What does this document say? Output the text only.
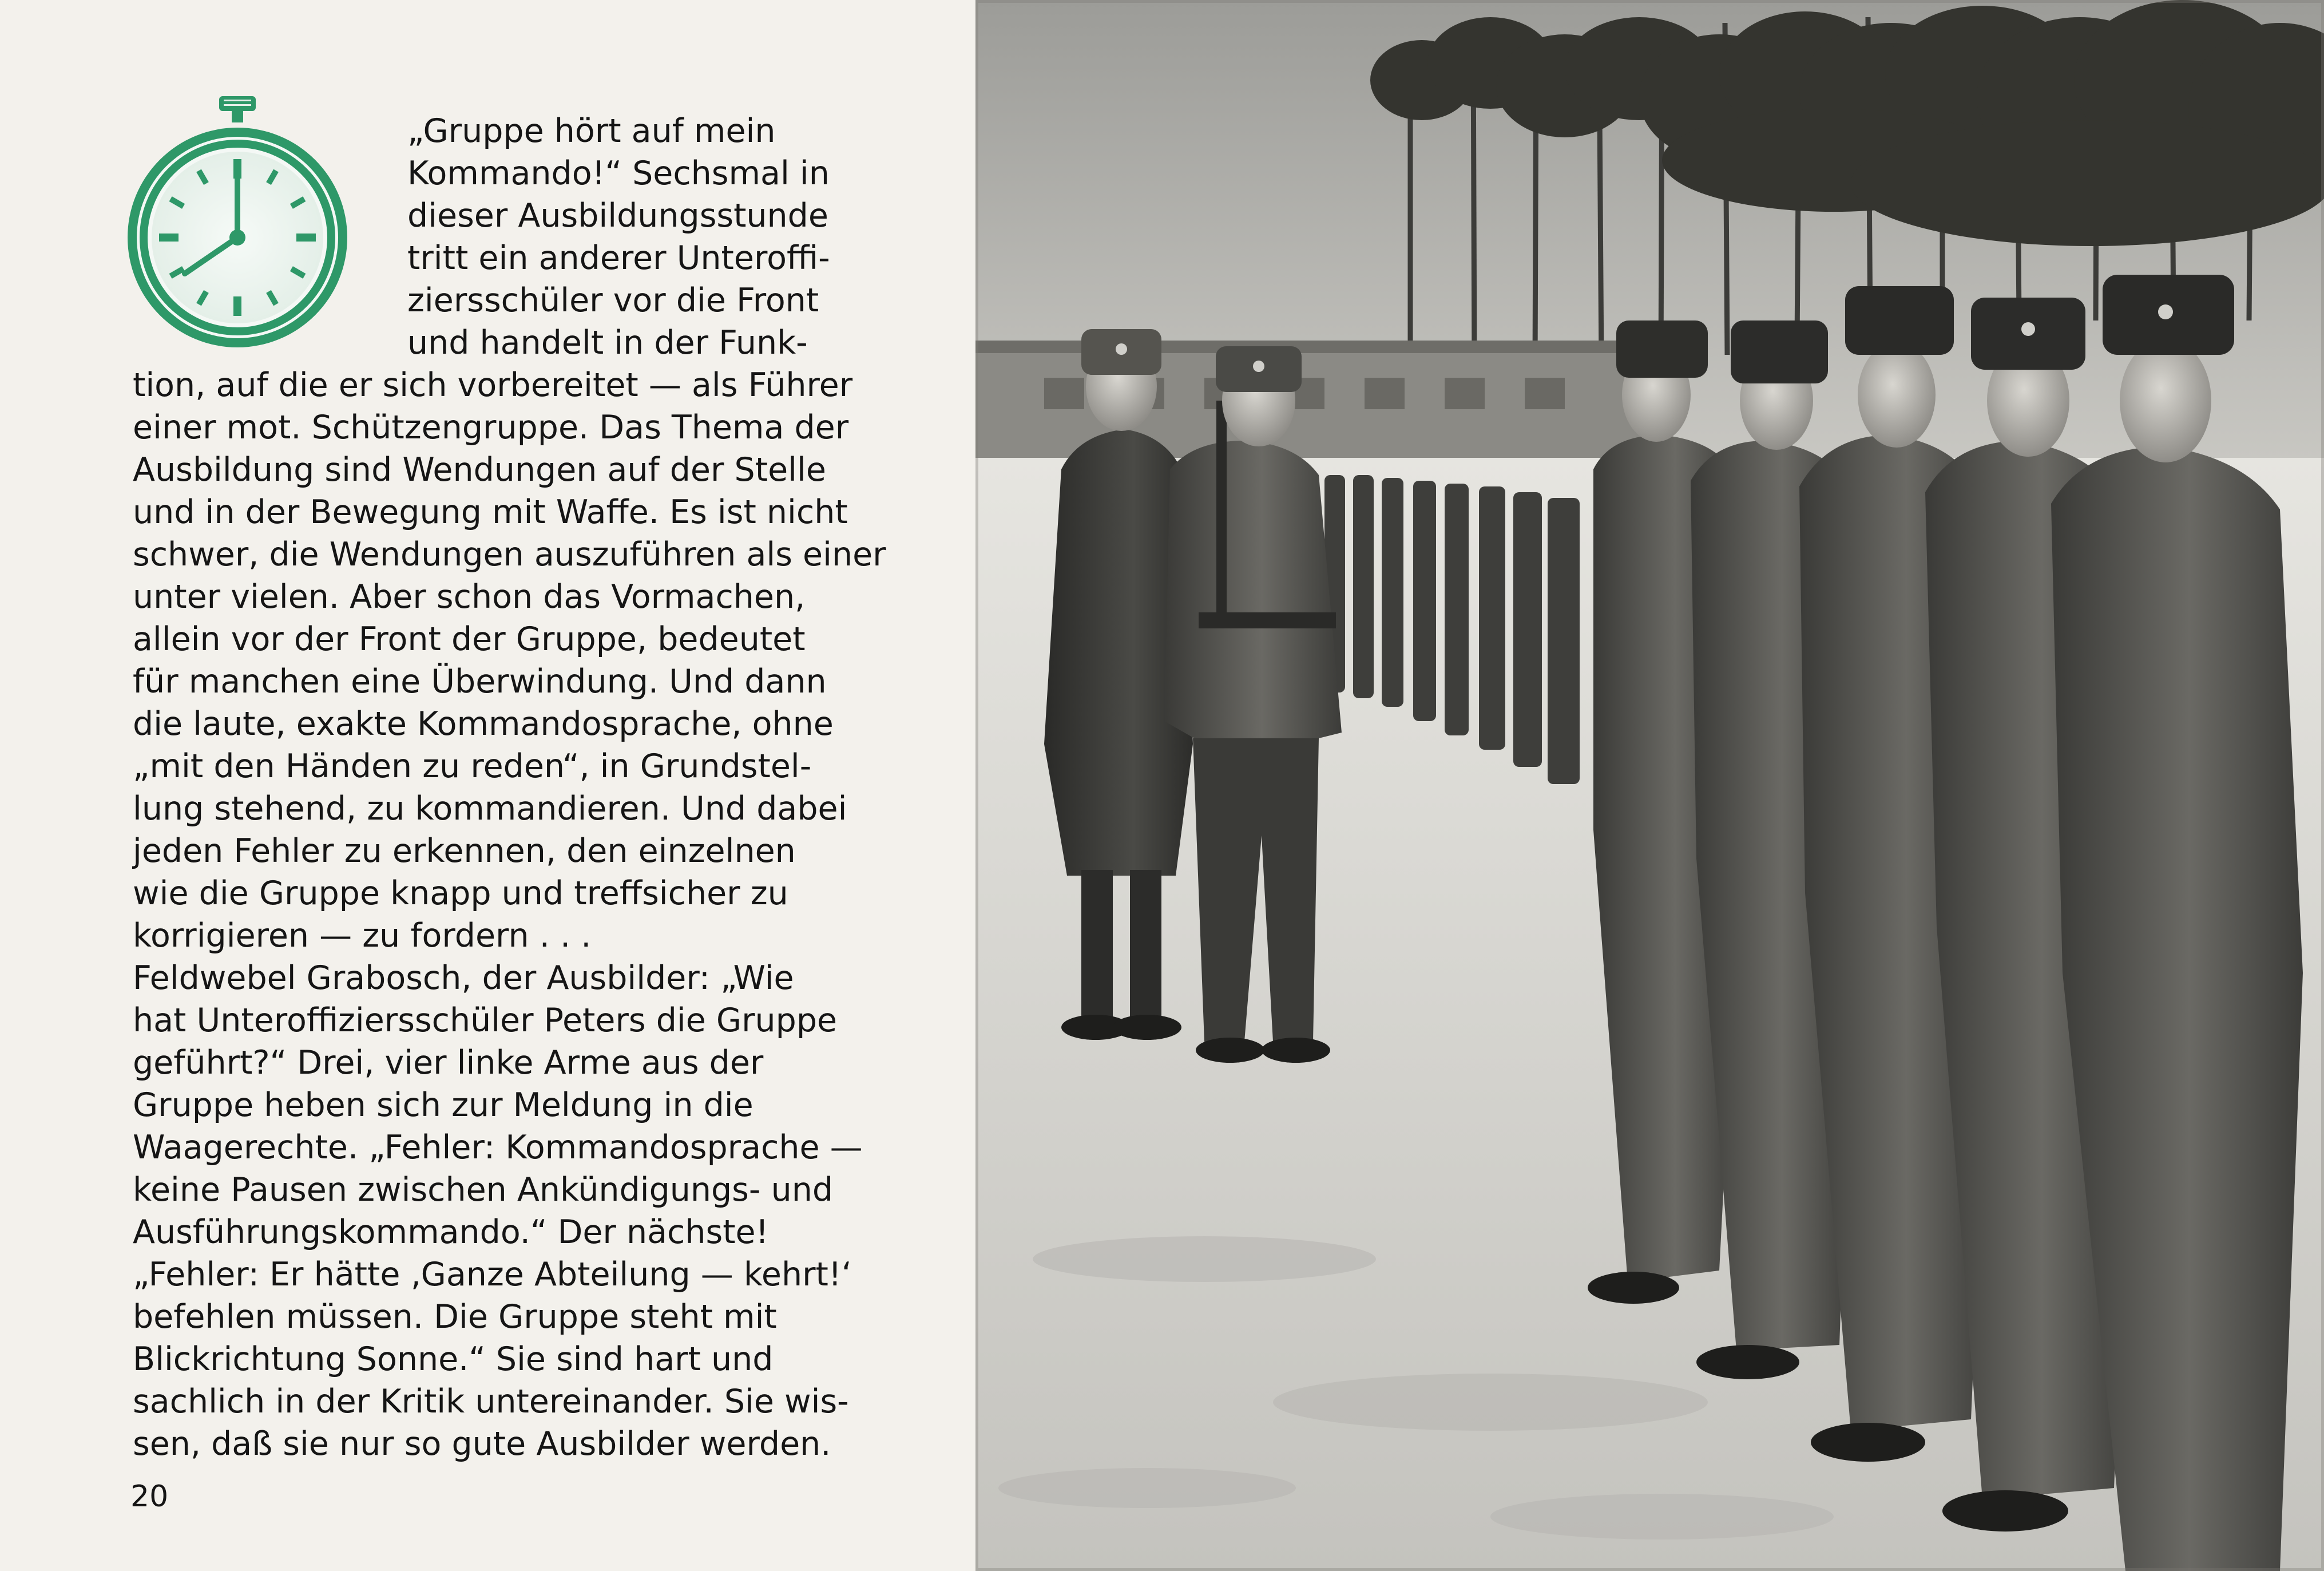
„Gruppe hört auf mein
Kommando!“ Sechsmal in
dieser Ausbildungsstunde
tritt ein anderer Unteroffi-
ziersschüler vor die Front
und handelt in der Funk-
tion, auf die er sich vorbereitet — als Führer
einer mot. Schützengruppe. Das Thema der
Ausbildung sind Wendungen auf der Stelle
und in der Bewegung mit Waffe. Es ist nicht
schwer, die Wendungen auszuführen als einer
unter vielen. Aber schon das Vormachen,
allein vor der Front der Gruppe, bedeutet
für manchen eine Überwindung. Und dann
die laute, exakte Kommandosprache, ohne
„mit den Händen zu reden“, in Grundstel-
lung stehend, zu kommandieren. Und dabei
jeden Fehler zu erkennen, den einzelnen
wie die Gruppe knapp und treffsicher zu
korrigieren — zu fordern . . .
Feldwebel Grabosch, der Ausbilder: „Wie
hat Unteroffiziersschüler Peters die Gruppe
geführt?“ Drei, vier linke Arme aus der
Gruppe heben sich zur Meldung in die
Waagerechte. „Fehler: Kommandosprache —
keine Pausen zwischen Ankündigungs- und
Ausführungskommando.“ Der nächste!
„Fehler: Er hätte ‚Ganze Abteilung — kehrt!‘
befehlen müssen. Die Gruppe steht mit
Blickrichtung Sonne.“ Sie sind hart und
sachlich in der Kritik untereinander. Sie wis-
sen, daß sie nur so gute Ausbilder werden.
20
